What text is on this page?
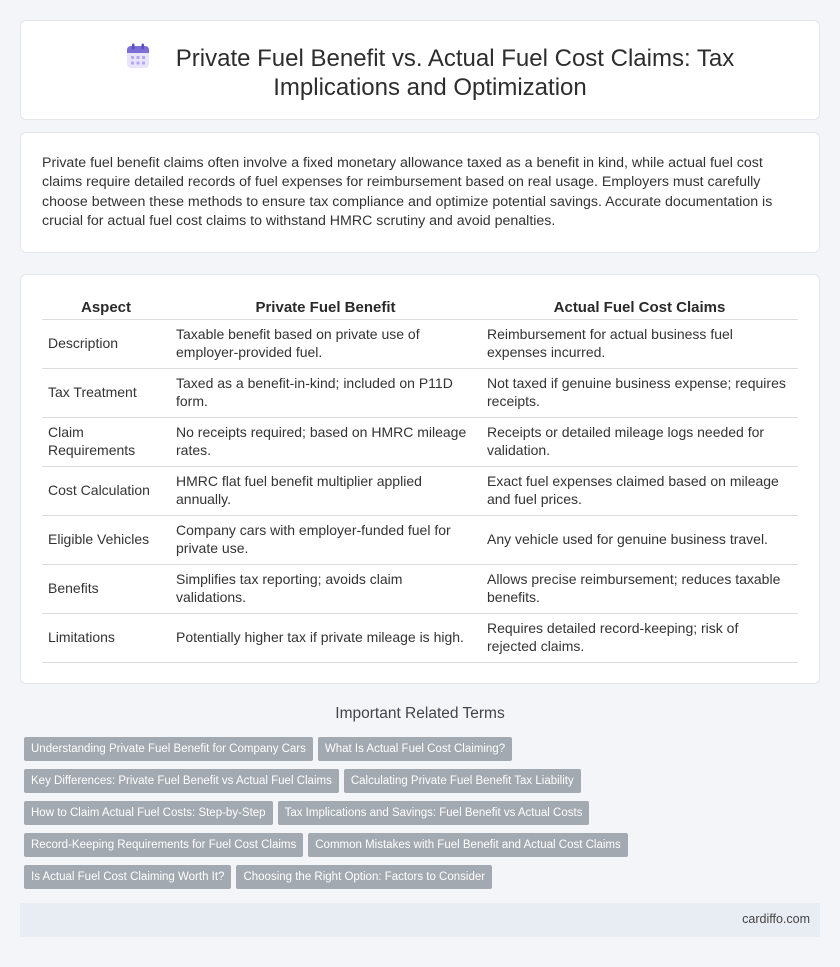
Private Fuel Benefit vs. Actual Fuel Cost Claims: Tax Implications and Optimization

Private fuel benefit claims often involve a fixed monetary allowance taxed as a benefit in kind, while actual fuel cost claims require detailed records of fuel expenses for reimbursement based on real usage. Employers must carefully choose between these methods to ensure tax compliance and optimize potential savings. Accurate documentation is crucial for actual fuel cost claims to withstand HMRC scrutiny and avoid penalties.

Aspect	Private Fuel Benefit	Actual Fuel Cost Claims
Description	Taxable benefit based on private use of employer-provided fuel.	Reimbursement for actual business fuel expenses incurred.
Tax Treatment	Taxed as a benefit-in-kind; included on P11D form.	Not taxed if genuine business expense; requires receipts.
Claim Requirements	No receipts required; based on HMRC mileage rates.	Receipts or detailed mileage logs needed for validation.
Cost Calculation	HMRC flat fuel benefit multiplier applied annually.	Exact fuel expenses claimed based on mileage and fuel prices.
Eligible Vehicles	Company cars with employer-funded fuel for private use.	Any vehicle used for genuine business travel.
Benefits	Simplifies tax reporting; avoids claim validations.	Allows precise reimbursement; reduces taxable benefits.
Limitations	Potentially higher tax if private mileage is high.	Requires detailed record-keeping; risk of rejected claims.
Important Related Terms
Understanding Private Fuel Benefit for Company Cars What Is Actual Fuel Cost Claiming?
Key Differences: Private Fuel Benefit vs Actual Fuel Claims Calculating Private Fuel Benefit Tax Liability
How to Claim Actual Fuel Costs: Step-by-Step Tax Implications and Savings: Fuel Benefit vs Actual Costs
Record-Keeping Requirements for Fuel Cost Claims Common Mistakes with Fuel Benefit and Actual Cost Claims
Is Actual Fuel Cost Claiming Worth It? Choosing the Right Option: Factors to Consider
cardiffo.com
